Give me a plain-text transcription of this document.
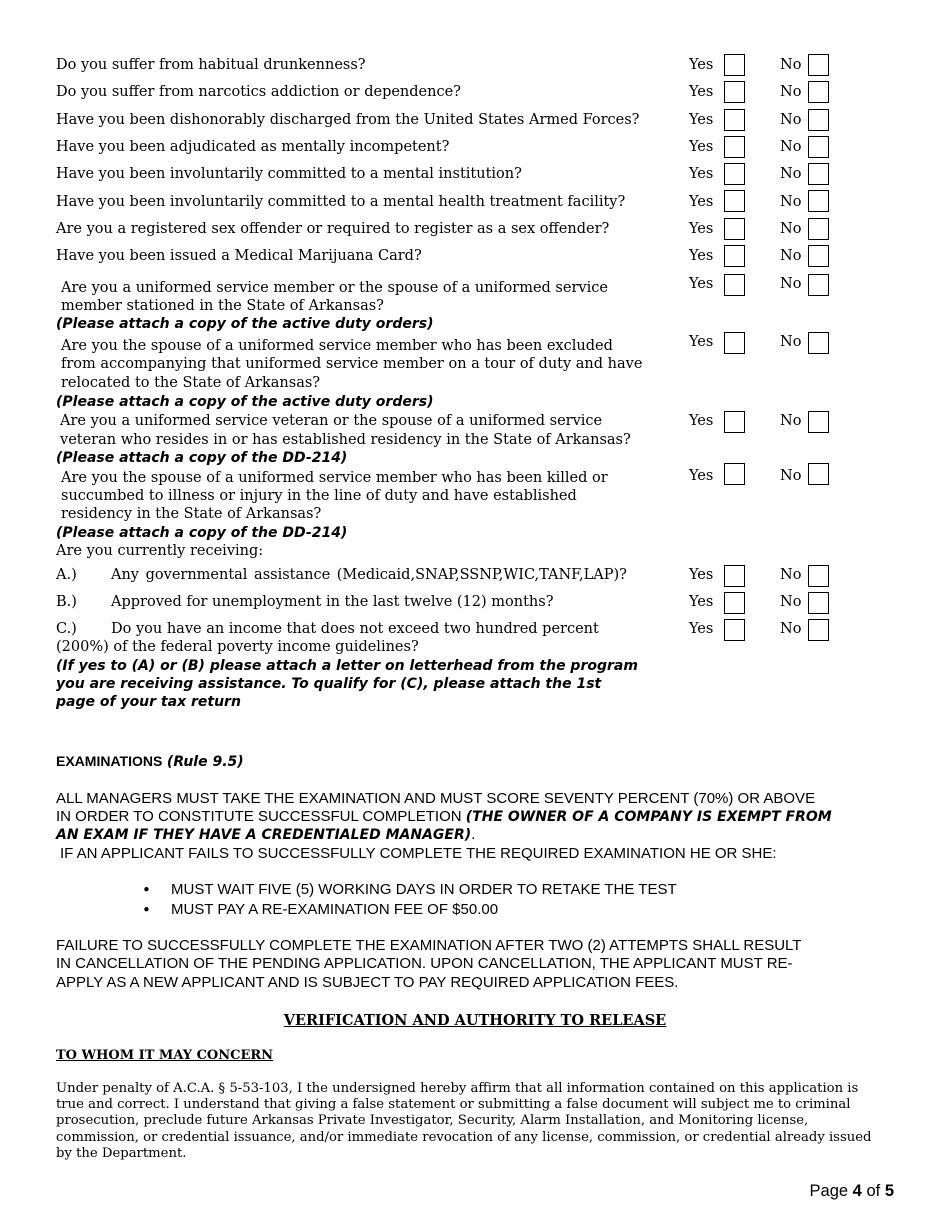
Do you suffer from habitual drunkenness?	Yes	No
Do you suffer from narcotics addiction or dependence?	Yes	No
Have you been dishonorably discharged from the United States Armed Forces?	Yes	No
Have you been adjudicated as mentally incompetent?	Yes	No
Have you been involuntarily committed to a mental institution?	Yes	No
Have you been involuntarily committed to a mental health treatment facility?	Yes	No
Are you a registered sex offender or required to register as a sex offender?	Yes	No
Have you been issued a Medical Marijuana Card?	Yes	No
Are you a uniformed service member or the spouse of a uniformed service
member stationed in the State of Arkansas?
(Please attach a copy of the active duty orders)
Yes	No
Are you the spouse of a uniformed service member who has been excluded
from accompanying that uniformed service member on a tour of duty and have
relocated to the State of Arkansas?
(Please attach a copy of the active duty orders)
Yes	No
Are you a uniformed service veteran or the spouse of a uniformed service
veteran who resides in or has established residency in the State of Arkansas?
(Please attach a copy of the DD-214)
Yes	No
Are you the spouse of a uniformed service member who has been killed or
succumbed to illness or injury in the line of duty and have established
residency in the State of Arkansas?
(Please attach a copy of the DD-214)
Yes	No
Are you currently receiving:
A.) Any governmental assistance (Medicaid,SNAP,SSNP,WIC,TANF,LAP)?	Yes	No
B.) Approved for unemployment in the last twelve (12) months?	Yes	No
C.) Do you have an income that does not exceed two hundred percent
(200%) of the federal poverty income guidelines?
Yes	No
(If yes to (A) or (B) please attach a letter on letterhead from the program
you are receiving assistance. To qualify for (C), please attach the 1st
page of your tax return
EXAMINATIONS (Rule 9.5)
ALL MANAGERS MUST TAKE THE EXAMINATION AND MUST SCORE SEVENTY PERCENT (70%) OR ABOVE
IN ORDER TO CONSTITUTE SUCCESSFUL COMPLETION (THE OWNER OF A COMPANY IS EXEMPT FROM
AN EXAM IF THEY HAVE A CREDENTIALED MANAGER).
IF AN APPLICANT FAILS TO SUCCESSFULLY COMPLETE THE REQUIRED EXAMINATION HE OR SHE:
• MUST WAIT FIVE (5) WORKING DAYS IN ORDER TO RETAKE THE TEST
• MUST PAY A RE-EXAMINATION FEE OF $50.00
FAILURE TO SUCCESSFULLY COMPLETE THE EXAMINATION AFTER TWO (2) ATTEMPTS SHALL RESULT
IN CANCELLATION OF THE PENDING APPLICATION. UPON CANCELLATION, THE APPLICANT MUST RE-
APPLY AS A NEW APPLICANT AND IS SUBJECT TO PAY REQUIRED APPLICATION FEES.
VERIFICATION AND AUTHORITY TO RELEASE
TO WHOM IT MAY CONCERN
Under penalty of A.C.A. § 5-53-103, I the undersigned hereby affirm that all information contained on this application is
true and correct. I understand that giving a false statement or submitting a false document will subject me to criminal
prosecution, preclude future Arkansas Private Investigator, Security, Alarm Installation, and Monitoring license,
commission, or credential issuance, and/or immediate revocation of any license, commission, or credential already issued
by the Department.
Page 4 of 5
